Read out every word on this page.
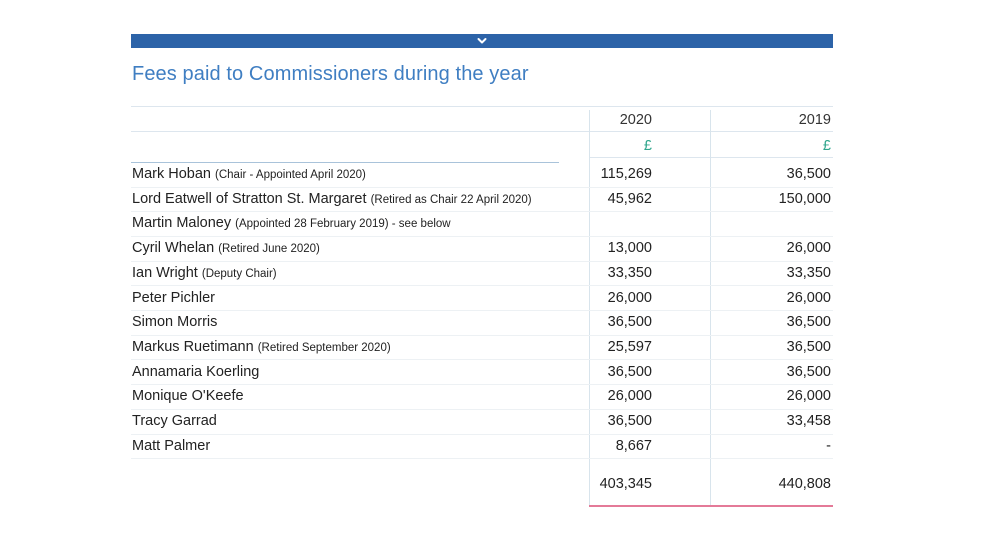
Fees paid to Commissioners during the year
2020	2019
£	£
Mark Hoban (Chair - Appointed April 2020)	115,269	36,500
Lord Eatwell of Stratton St. Margaret (Retired as Chair 22 April 2020)	45,962	150,000
Martin Maloney (Appointed 28 February 2019) - see below
Cyril Whelan (Retired June 2020)	13,000	26,000
Ian Wright (Deputy Chair)	33,350	33,350
Peter Pichler	26,000	26,000
Simon Morris	36,500	36,500
Markus Ruetimann (Retired September 2020)	25,597	36,500
Annamaria Koerling	36,500	36,500
Monique O'Keefe	26,000	26,000
Tracy Garrad	36,500	33,458
Matt Palmer	8,667	-
403,345	440,808
